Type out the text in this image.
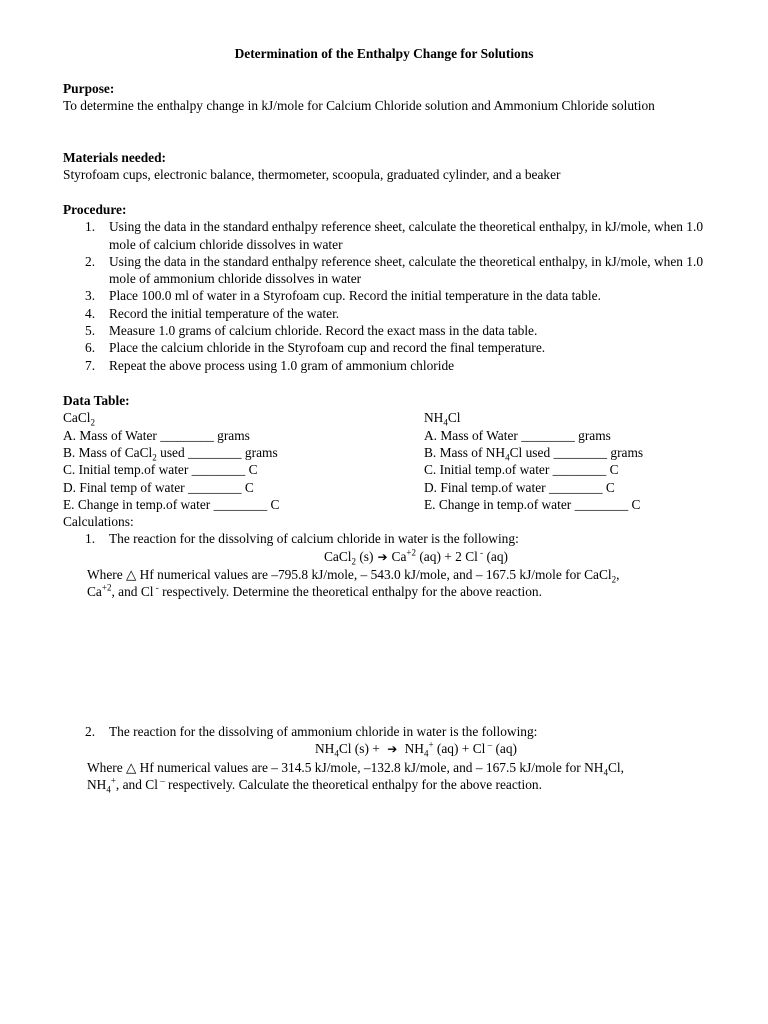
Determination of the Enthalpy Change for Solutions
Purpose:
To determine the enthalpy change in kJ/mole for Calcium Chloride solution and Ammonium Chloride solution
Materials needed:
Styrofoam cups, electronic balance, thermometer, scoopula, graduated cylinder, and a beaker
Procedure:
1. Using the data in the standard enthalpy reference sheet, calculate the theoretical enthalpy, in kJ/mole, when 1.0 mole of calcium chloride dissolves in water
2. Using the data in the standard enthalpy reference sheet, calculate the theoretical enthalpy, in kJ/mole, when 1.0 mole of ammonium chloride dissolves in water
3. Place 100.0 ml of water in a Styrofoam cup. Record the initial temperature in the data table.
4. Record the initial temperature of the water.
5. Measure 1.0 grams of calcium chloride. Record the exact mass in the data table.
6. Place the calcium chloride in the Styrofoam cup and record the final temperature.
7. Repeat the above process using 1.0 gram of ammonium chloride
Data Table:
CaCl$_2$	$NH_4Cl$
A. Mass of Water ________ grams	A. Mass of Water ________ grams
B. Mass of CaCl$_2$ used ________ grams	B. Mass of $NH_4Cl$ used ________ grams
C. Initial temp.of water ________ C	C. Initial temp.of water ________ C
D. Final temp of water ________ C	D. Final temp.of water ________ C
E. Change in temp.of water ________ C	E. Change in temp.of water ________ C
Calculations:
1. The reaction for the dissolving of calcium chloride in water is the following:
CaCl$_2$ (s) ➔ $Ca^{+2}$ (aq) + 2 Cl - (aq)
Where △ Hf numerical values are –795.8 kJ/mole, – 543.0 kJ/mole, and – 167.5 kJ/mole for CaCl$_2$,
$Ca^{+2}$, and Cl - respectively. Determine the theoretical enthalpy for the above reaction.
2. The reaction for the dissolving of ammonium chloride in water is the following:
$NH_4Cl$ (s) + ➔ $NH_4^+$ (aq) + Cl – (aq)
Where △ Hf numerical values are – 314.5 kJ/mole, –132.8 kJ/mole, and – 167.5 kJ/mole for $NH_4Cl$,
$NH_4^+$, and Cl – respectively. Calculate the theoretical enthalpy for the above reaction.
